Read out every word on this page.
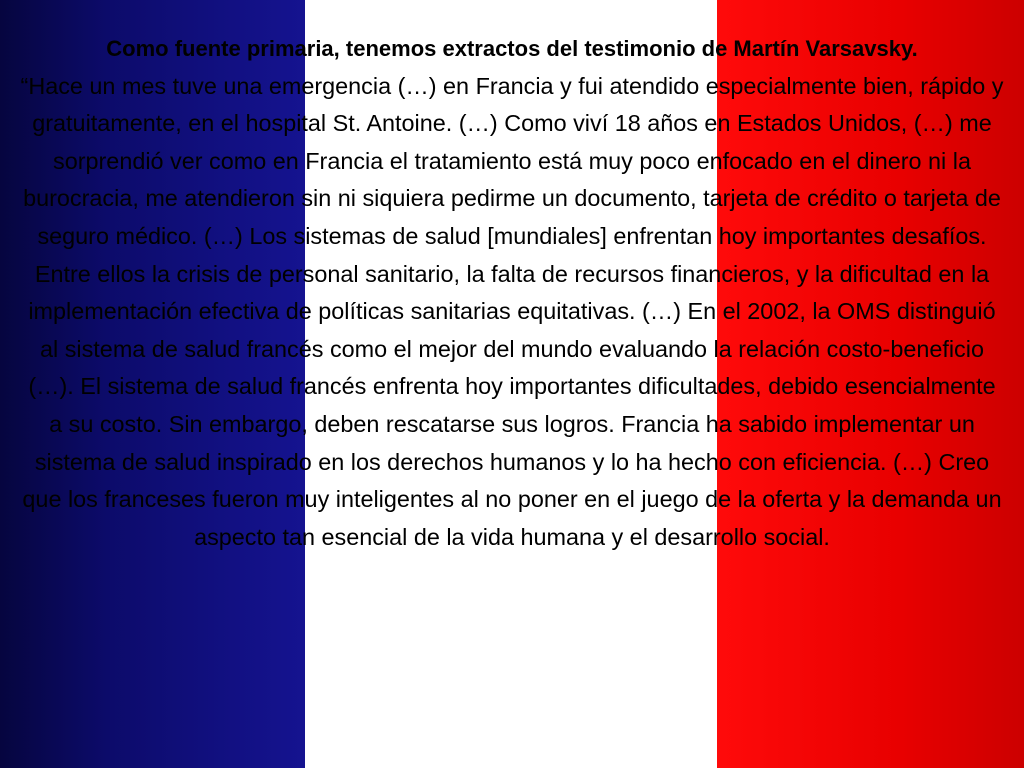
Como fuente primaria, tenemos extractos del testimonio de Martín Varsavsky.

“Hace un mes tuve una emergencia (…) en Francia y fui atendido especialmente bien, rápido y gratuitamente, en el hospital St. Antoine. (…) Como viví 18 años en Estados Unidos, (…) me sorprendió ver como en Francia el tratamiento está muy poco enfocado en el dinero ni la burocracia, me atendieron sin ni siquiera pedirme un documento, tarjeta de crédito o tarjeta de seguro médico. (…) Los sistemas de salud [mundiales] enfrentan hoy importantes desafíos. Entre ellos la crisis de personal sanitario, la falta de recursos financieros, y la dificultad en la implementación efectiva de políticas sanitarias equitativas. (…) En el 2002, la OMS distinguió al sistema de salud francés como el mejor del mundo evaluando la relación costo-beneficio (…). El sistema de salud francés enfrenta hoy importantes dificultades, debido esencialmente a su costo. Sin embargo, deben rescatarse sus logros. Francia ha sabido implementar un sistema de salud inspirado en los derechos humanos y lo ha hecho con eficiencia. (…) Creo que los franceses fueron muy inteligentes al no poner en el juego de la oferta y la demanda un aspecto tan esencial de la vida humana y el desarrollo social.
